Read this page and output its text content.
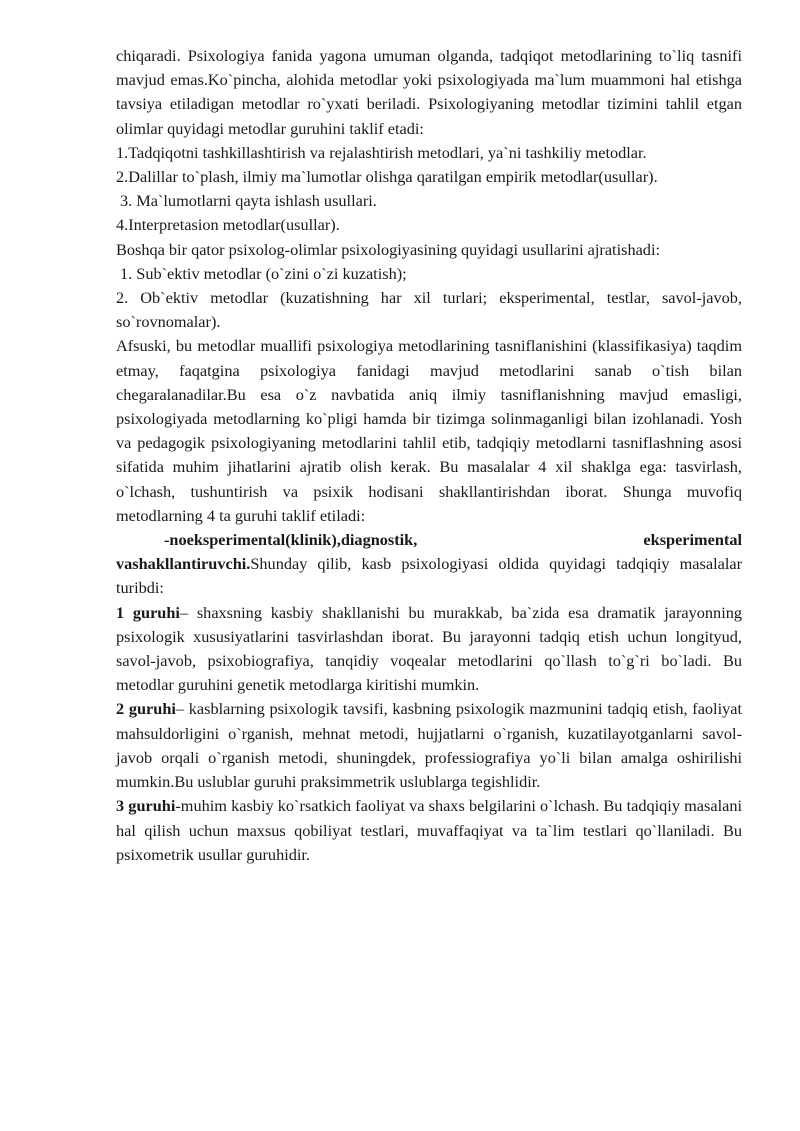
chiqaradi. Psixologiya fanida yagona umuman olganda, tadqiqot metodlarining to`liq tasnifi mavjud emas.Ko`pincha, alohida metodlar yoki psixologiyada ma`lum muammoni hal etishga tavsiya etiladigan metodlar ro`yxati beriladi. Psixologiyaning metodlar tizimini tahlil etgan olimlar quyidagi metodlar guruhini taklif etadi:

1.Tadqiqotni tashkillashtirish va rejalashtirish metodlari, ya`ni tashkiliy metodlar.

2.Dalillar to`plash, ilmiy ma`lumotlar olishga qaratilgan empirik metodlar(usullar).

3. Ma`lumotlarni qayta ishlash usullari.

4.Interpretasion metodlar(usullar).

Boshqa bir qator psixolog-olimlar psixologiyasining quyidagi usullarini ajratishadi:

1. Sub`ektiv metodlar (o`zini o`zi kuzatish);

2. Ob`ektiv metodlar (kuzatishning har xil turlari; eksperimental, testlar, savol-javob, so`rovnomalar).

Afsuski, bu metodlar muallifi psixologiya metodlarining tasniflanishini (klassifikasiya) taqdim etmay, faqatgina psixologiya fanidagi mavjud metodlarini sanab o`tish bilan chegaralanadilar.Bu esa o`z navbatida aniq ilmiy tasniflanishning mavjud emasligi, psixologiyada metodlarning ko`pligi hamda bir tizimga solinmaganligi bilan izohlanadi. Yosh va pedagogik psixologiyaning metodlarini tahlil etib, tadqiqiy metodlarni tasniflashning asosi sifatida muhim jihatlarini ajratib olish kerak. Bu masalalar 4 xil shaklga ega: tasvirlash, o`lchash, tushuntirish va psixik hodisani shakllantirishdan iborat. Shunga muvofiq metodlarning 4 ta guruhi taklif etiladi:

-noeksperimental(klinik),diagnostik, eksperimental

vashakllantiruvchi.Shunday qilib, kasb psixologiyasi oldida quyidagi tadqiqiy masalalar turibdi:

1 guruhi– shaxsning kasbiy shakllanishi bu murakkab, ba`zida esa dramatik jarayonning psixologik xususiyatlarini tasvirlashdan iborat. Bu jarayonni tadqiq etish uchun longityud, savol-javob, psixobiografiya, tanqidiy voqealar metodlarini qo`llash to`g`ri bo`ladi. Bu metodlar guruhini genetik metodlarga kiritishi mumkin.

2 guruhi– kasblarning psixologik tavsifi, kasbning psixologik mazmunini tadqiq etish, faoliyat mahsuldorligini o`rganish, mehnat metodi, hujjatlarni o`rganish, kuzatilayotganlarni savol-javob orqali o`rganish metodi, shuningdek, professiografiya yo`li bilan amalga oshirilishi mumkin.Bu uslublar guruhi praksimmetrik uslublarga tegishlidir.

3 guruhi-muhim kasbiy ko`rsatkich faoliyat va shaxs belgilarini o`lchash. Bu tadqiqiy masalani hal qilish uchun maxsus qobiliyat testlari, muvaffaqiyat va ta`lim testlari qo`llaniladi. Bu psixometrik usullar guruhidir.
